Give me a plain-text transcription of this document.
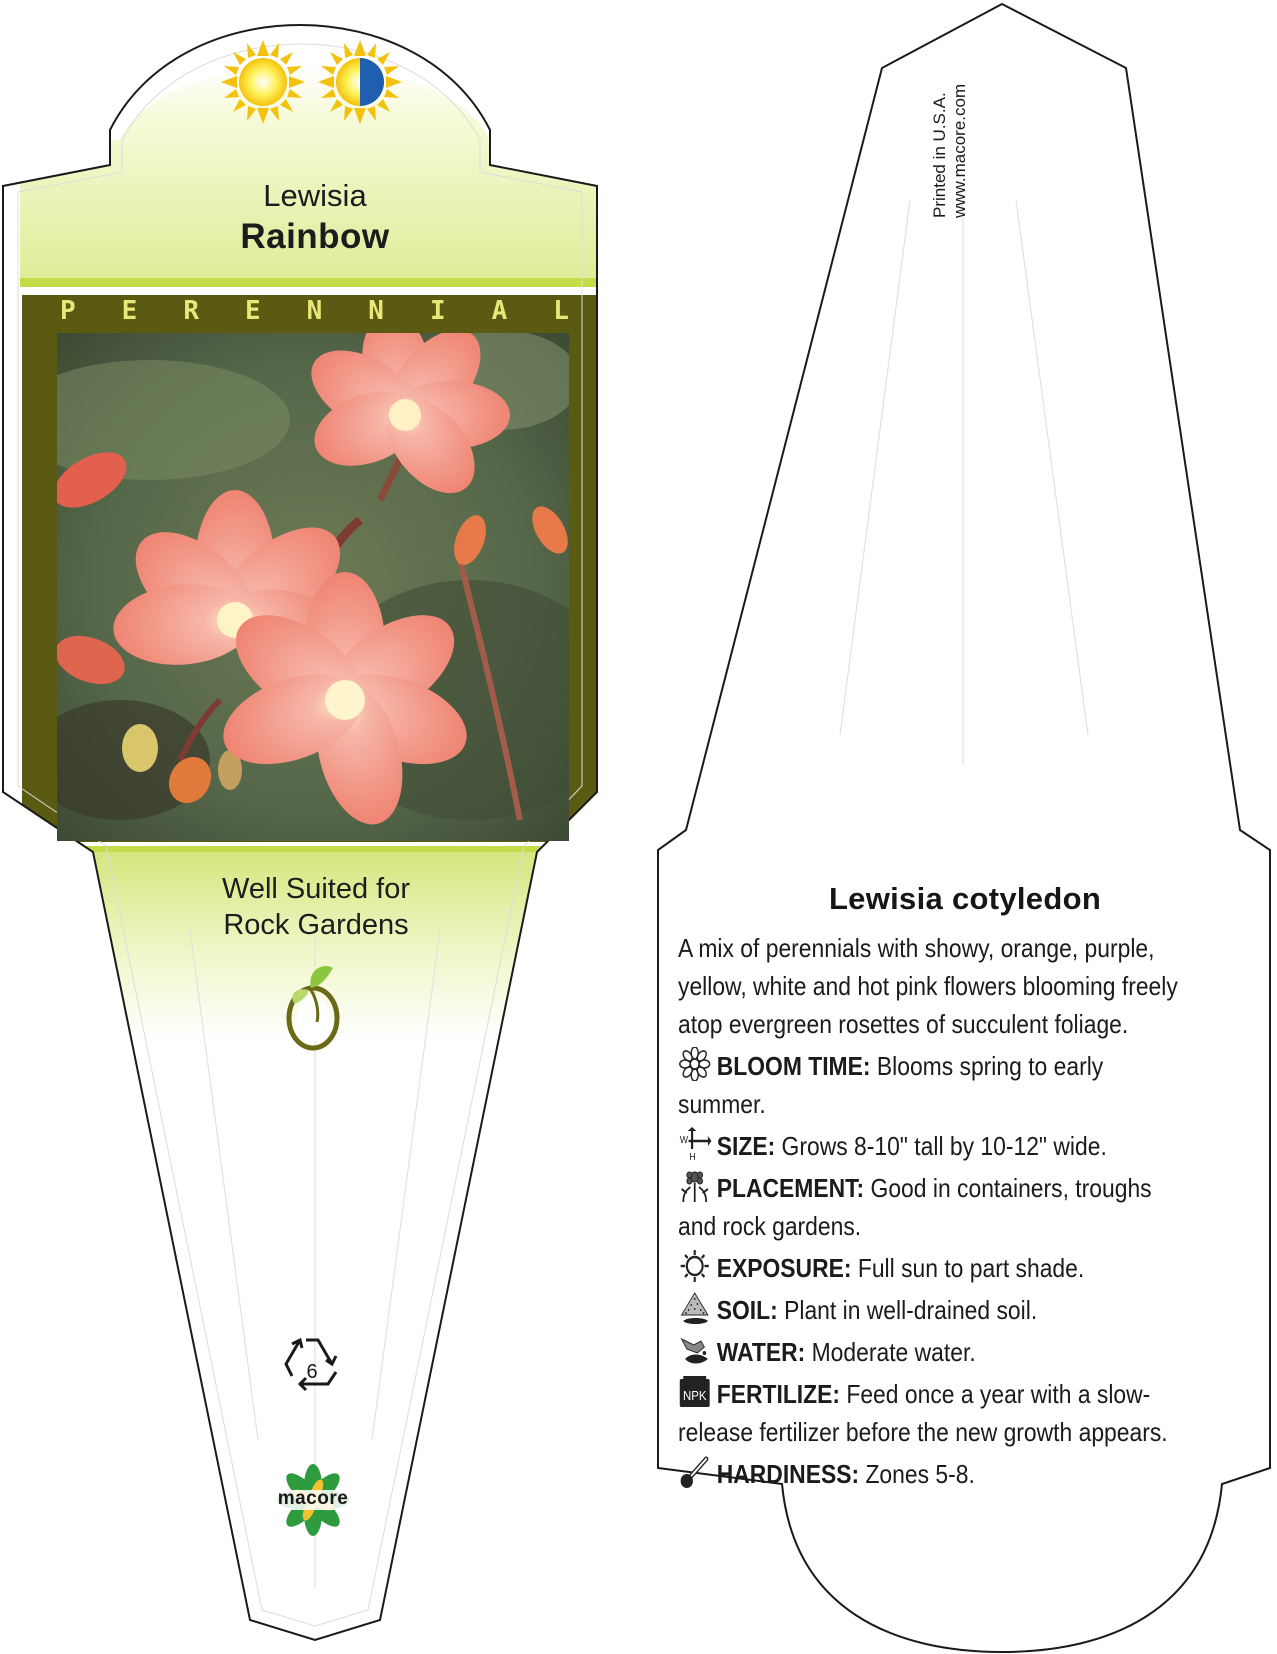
Lewisia
Rainbow
P E R E N N I A L
Well Suited for
Rock Gardens
6
macore
Printed in U.S.A. www.macore.com
Lewisia cotyledon

A mix of perennials with showy, orange, purple, yellow, white and hot pink flowers blooming freely atop evergreen rosettes of succulent foliage.

BLOOM TIME: Blooms spring to early summer.
W
H SIZE: Grows 8-10" tall by 10-12" wide.
PLACEMENT: Good in containers, troughs and rock gardens.
EXPOSURE: Full sun to part shade.
SOIL: Plant in well-drained soil.
WATER: Moderate water.
NPK FERTILIZE: Feed once a year with a slow-release fertilizer before the new growth appears.
HARDINESS: Zones 5-8.
